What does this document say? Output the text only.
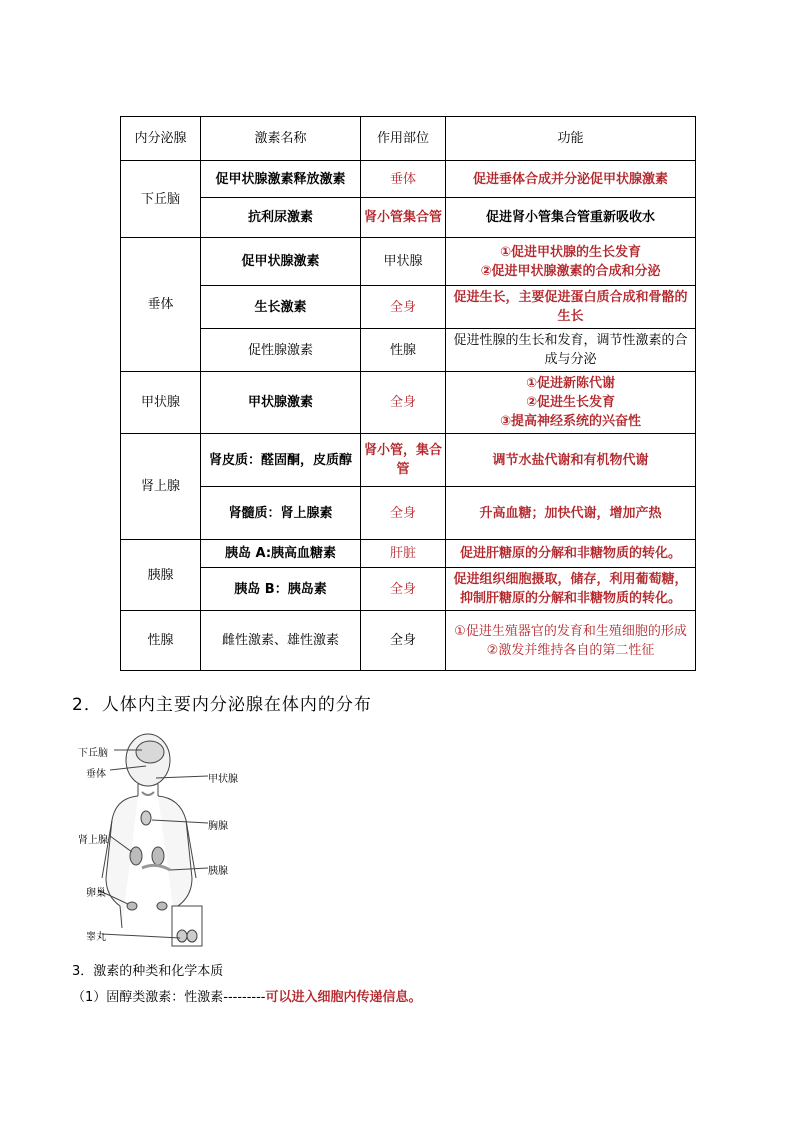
内分泌腺	激素名称	作用部位	功能
下丘脑	促甲状腺激素释放激素	垂体	促进垂体合成并分泌促甲状腺激素
	抗利尿激素	肾小管集合管	促进肾小管集合管重新吸收水
垂体	促甲状腺激素	甲状腺	①促进甲状腺的生长发育
②促进甲状腺激素的合成和分泌

	生长激素	全身	促进生长，主要促进蛋白质合成和骨骼的生长
	促性腺激素	性腺	促进性腺的生长和发育，调节性激素的合成与分泌
甲状腺	甲状腺激素	全身	①促进新陈代谢
②促进生长发育
③提高神经系统的兴奋性

肾上腺	肾皮质：醛固酮，皮质醇	肾小管，集合管	调节水盐代谢和有机物代谢
	肾髓质：肾上腺素	全身	升高血糖；加快代谢，增加产热
胰腺	胰岛 A:胰高血糖素	肝脏	促进肝糖原的分解和非糖物质的转化。
	胰岛 B：胰岛素	全身	促进组织细胞摄取，储存，利用葡萄糖，抑制肝糖原的分解和非糖物质的转化。
性腺	雌性激素、雄性激素	全身	①促进生殖器官的发育和生殖细胞的形成
②激发并维持各自的第二性征
2．人体内主要内分泌腺在体内的分布
下丘脑
垂体	甲状腺
胸腺
肾上腺
胰腺
卵巢
睾丸
3．激素的种类和化学本质
（1）固醇类激素：性激素---------可以进入细胞内传递信息。
